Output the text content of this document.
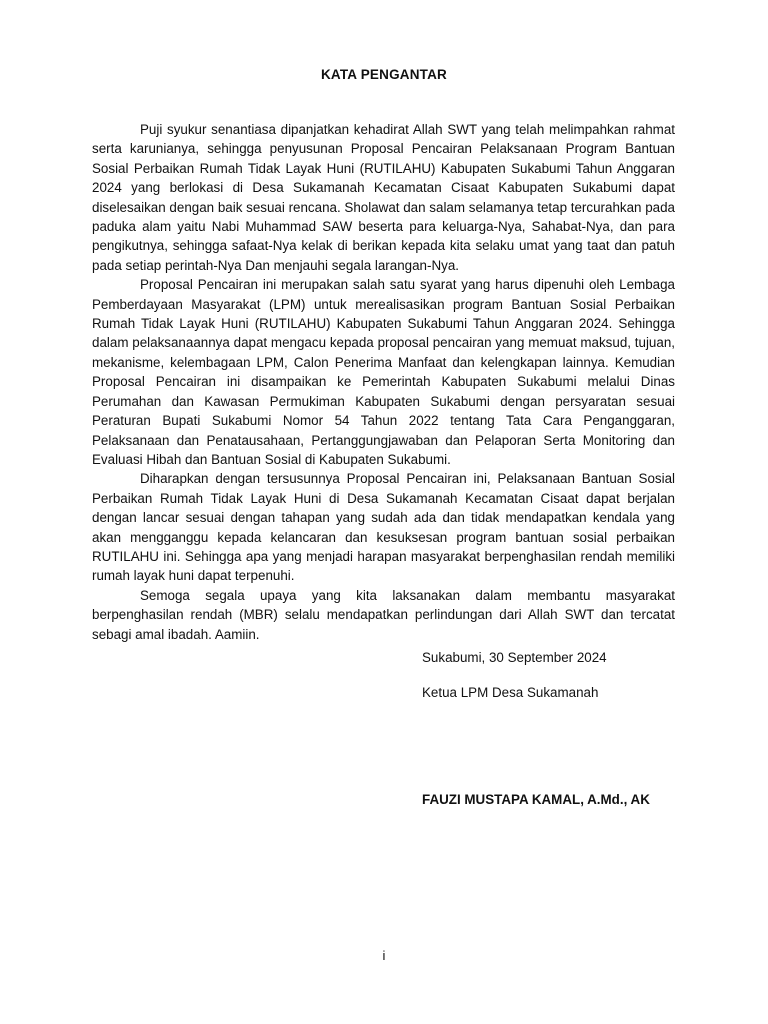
KATA PENGANTAR

Puji syukur senantiasa dipanjatkan kehadirat Allah SWT yang telah melimpahkan rahmat serta karunianya, sehingga penyusunan Proposal Pencairan Pelaksanaan Program Bantuan Sosial Perbaikan Rumah Tidak Layak Huni (RUTILAHU) Kabupaten Sukabumi Tahun Anggaran 2024 yang berlokasi di Desa Sukamanah Kecamatan Cisaat Kabupaten Sukabumi dapat diselesaikan dengan baik sesuai rencana. Sholawat dan salam selamanya tetap tercurahkan pada paduka alam yaitu Nabi Muhammad SAW beserta para keluarga-Nya, Sahabat-Nya, dan para pengikutnya, sehingga safaat-Nya kelak di berikan kepada kita selaku umat yang taat dan patuh pada setiap perintah-Nya Dan menjauhi segala larangan-Nya.

Proposal Pencairan ini merupakan salah satu syarat yang harus dipenuhi oleh Lembaga Pemberdayaan Masyarakat (LPM) untuk merealisasikan program Bantuan Sosial Perbaikan Rumah Tidak Layak Huni (RUTILAHU) Kabupaten Sukabumi Tahun Anggaran 2024. Sehingga dalam pelaksanaannya dapat mengacu kepada proposal pencairan yang memuat maksud, tujuan, mekanisme, kelembagaan LPM, Calon Penerima Manfaat dan kelengkapan lainnya. Kemudian Proposal Pencairan ini disampaikan ke Pemerintah Kabupaten Sukabumi melalui Dinas Perumahan dan Kawasan Permukiman Kabupaten Sukabumi dengan persyaratan sesuai Peraturan Bupati Sukabumi Nomor 54 Tahun 2022 tentang Tata Cara Penganggaran, Pelaksanaan dan Penatausahaan, Pertanggungjawaban dan Pelaporan Serta Monitoring dan Evaluasi Hibah dan Bantuan Sosial di Kabupaten Sukabumi.

Diharapkan dengan tersusunnya Proposal Pencairan ini, Pelaksanaan Bantuan Sosial Perbaikan Rumah Tidak Layak Huni di Desa Sukamanah Kecamatan Cisaat dapat berjalan dengan lancar sesuai dengan tahapan yang sudah ada dan tidak mendapatkan kendala yang akan mengganggu kepada kelancaran dan kesuksesan program bantuan sosial perbaikan RUTILAHU ini. Sehingga apa yang menjadi harapan masyarakat berpenghasilan rendah memiliki rumah layak huni dapat terpenuhi.

Semoga segala upaya yang kita laksanakan dalam membantu masyarakat berpenghasilan rendah (MBR) selalu mendapatkan perlindungan dari Allah SWT dan tercatat sebagi amal ibadah. Aamiin.

Sukabumi, 30 September 2024
Ketua LPM Desa Sukamanah
FAUZI MUSTAPA KAMAL, A.Md., AK
i
